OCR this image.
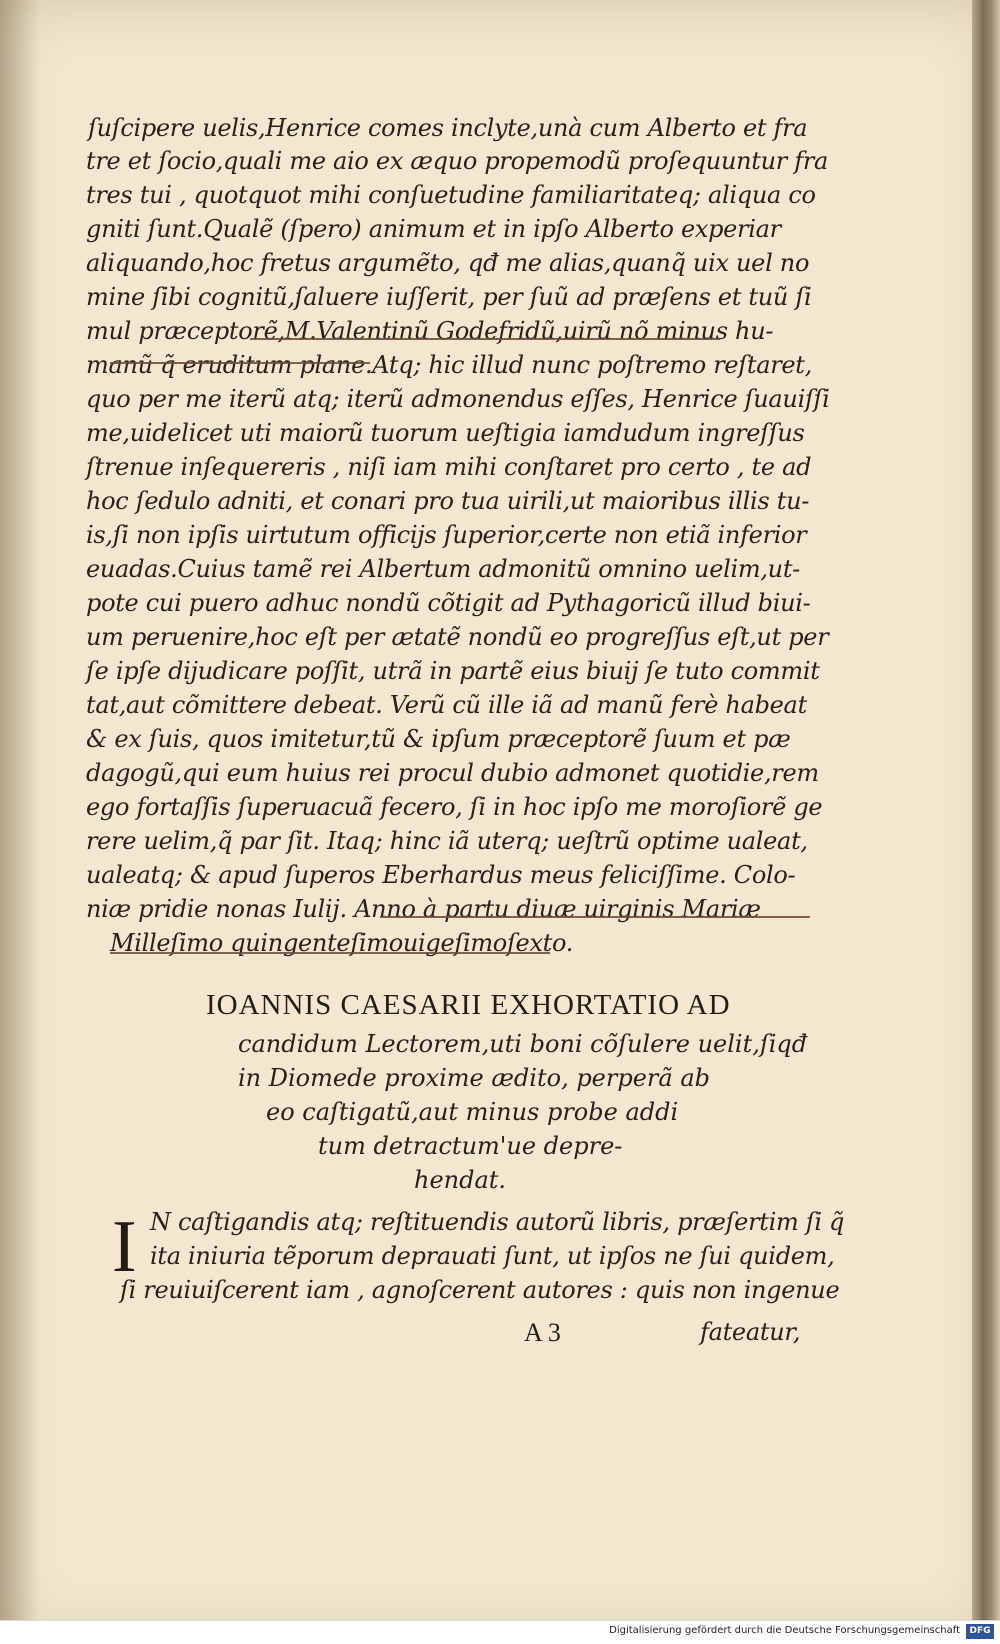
ſuſcipere uelis,Henrice comes inclyte,unà cum Alberto et fra
tre et ſocio,quali me aio ex æquo propemodũ proſequuntur fra
tres tui , quotquot mihi conſuetudine familiaritateq; aliqua co
gniti ſunt.Qualẽ (ſpero) animum et in ipſo Alberto experiar
aliquando,hoc fretus argumẽto, qđ me alias,quanq̃ uix uel no
mine ſibi cognitũ,ſaluere iuſſerit, per ſuũ ad præſens et tuũ ſi
mul præceptorẽ,M.Valentinũ Godefridũ,uirũ nõ minus hu-
manũ q̃ eruditum plane.Atq; hic illud nunc poſtremo reſtaret,
quo per me iterũ atq; iterũ admonendus eſſes, Henrice ſuauiſſi
me,uidelicet uti maiorũ tuorum ueſtigia iamdudum ingreſſus
ſtrenue inſequereris , niſi iam mihi conſtaret pro certo , te ad
hoc ſedulo adniti, et conari pro tua uirili,ut maioribus illis tu-
is,ſi non ipſis uirtutum officijs ſuperior,certe non etiã inferior
euadas.Cuius tamẽ rei Albertum admonitũ omnino uelim,ut-
pote cui puero adhuc nondũ cõtigit ad Pythagoricũ illud biui-
um peruenire,hoc eſt per ætatẽ nondũ eo progreſſus eſt,ut per
ſe ipſe dijudicare poſſit, utrã in partẽ eius biuij ſe tuto commit
tat,aut cõmittere debeat. Verũ cũ ille iã ad manũ ferè habeat
& ex ſuis, quos imitetur,tũ & ipſum præceptorẽ ſuum et pæ
dagogũ,qui eum huius rei procul dubio admonet quotidie,rem
ego fortaſſis ſuperuacuã fecero, ſi in hoc ipſo me moroſiorẽ ge
rere uelim,q̃ par ſit. Itaq; hinc iã uterq; ueſtrũ optime ualeat,
ualeatq; & apud ſuperos Eberhardus meus feliciſſime. Colo-
niæ pridie nonas Iulij. Anno à partu diuæ uirginis Mariæ
Milleſimo quingenteſimouigeſimoſexto.
IOANNIS CAESARII EXHORTATIO AD
candidum Lectorem,uti boni cõſulere uelit,ſiqđ
in Diomede proxime ædito, perperã ab
eo caſtigatũ,aut minus probe addi
tum detractum'ue depre-
hendat.
I N caſtigandis atq; reſtituendis autorũ libris, præſertim ſi q̃
ita iniuria tẽporum deprauati ſunt, ut ipſos ne ſui quidem,
ſi reuiuiſcerent iam , agnoſcerent autores : quis non ingenue
A 3	fateatur,
Digitalisierung gefördert durch die Deutsche Forschungsgemeinschaft	DFG
